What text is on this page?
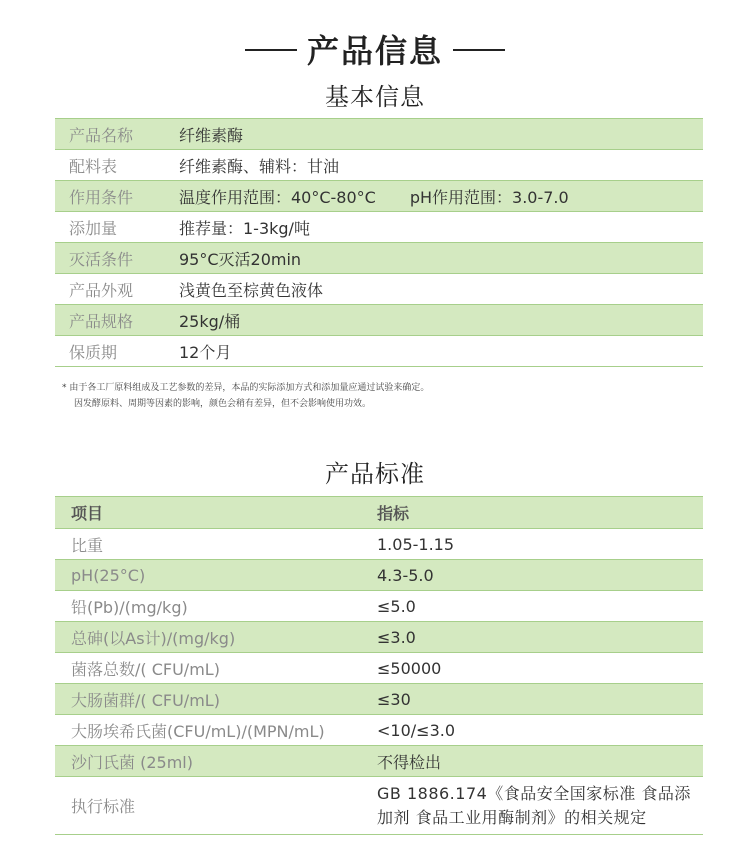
产品信息
基本信息
产品名称	纤维素酶
配料表	纤维素酶、辅料：甘油
作用条件	温度作用范围：40°C-80°C pH作用范围：3.0-7.0
添加量	推荐量：1-3kg/吨
灭活条件	95°C灭活20min
产品外观	浅黄色至棕黄色液体
产品规格	25kg/桶
保质期	12个月
* 由于各工厂原料组成及工艺参数的差异，本品的实际添加方式和添加量应通过试验来确定。
因发酵原料、周期等因素的影响，颜色会稍有差异，但不会影响使用功效。
产品标准
项目	指标
比重	1.05-1.15
pH(25°C)	4.3-5.0
铅(Pb)/(mg/kg)	≤5.0
总砷(以As计)/(mg/kg)	≤3.0
菌落总数/( CFU/mL)	≤50000
大肠菌群/( CFU/mL)	≤30
大肠埃希氏菌(CFU/mL)/(MPN/mL)	<10/≤3.0
沙门氏菌 (25ml)	不得检出
执行标准	GB 1886.174《食品安全国家标准 食品添加剂 食品工业用酶制剂》的相关规定
